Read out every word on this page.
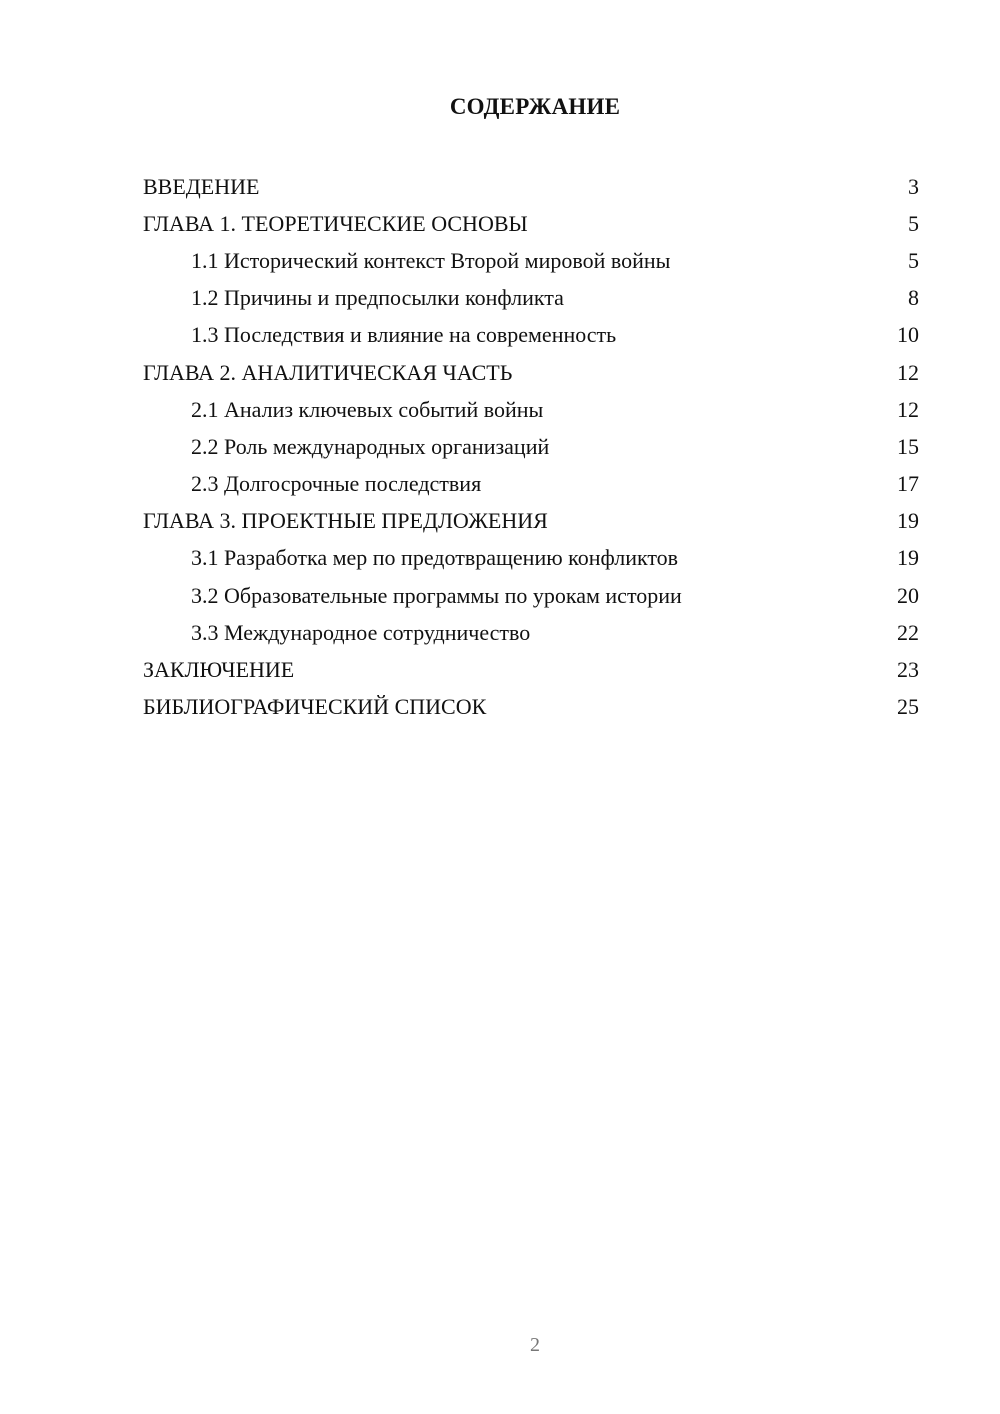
СОДЕРЖАНИЕ
ВВЕДЕНИЕ	3
ГЛАВА 1. ТЕОРЕТИЧЕСКИЕ ОСНОВЫ	5
1.1 Исторический контекст Второй мировой войны	5
1.2 Причины и предпосылки конфликта	8
1.3 Последствия и влияние на современность	10
ГЛАВА 2. АНАЛИТИЧЕСКАЯ ЧАСТЬ	12
2.1 Анализ ключевых событий войны	12
2.2 Роль международных организаций	15
2.3 Долгосрочные последствия	17
ГЛАВА 3. ПРОЕКТНЫЕ ПРЕДЛОЖЕНИЯ	19
3.1 Разработка мер по предотвращению конфликтов	19
3.2 Образовательные программы по урокам истории	20
3.3 Международное сотрудничество	22
ЗАКЛЮЧЕНИЕ	23
БИБЛИОГРАФИЧЕСКИЙ СПИСОК	25
2
